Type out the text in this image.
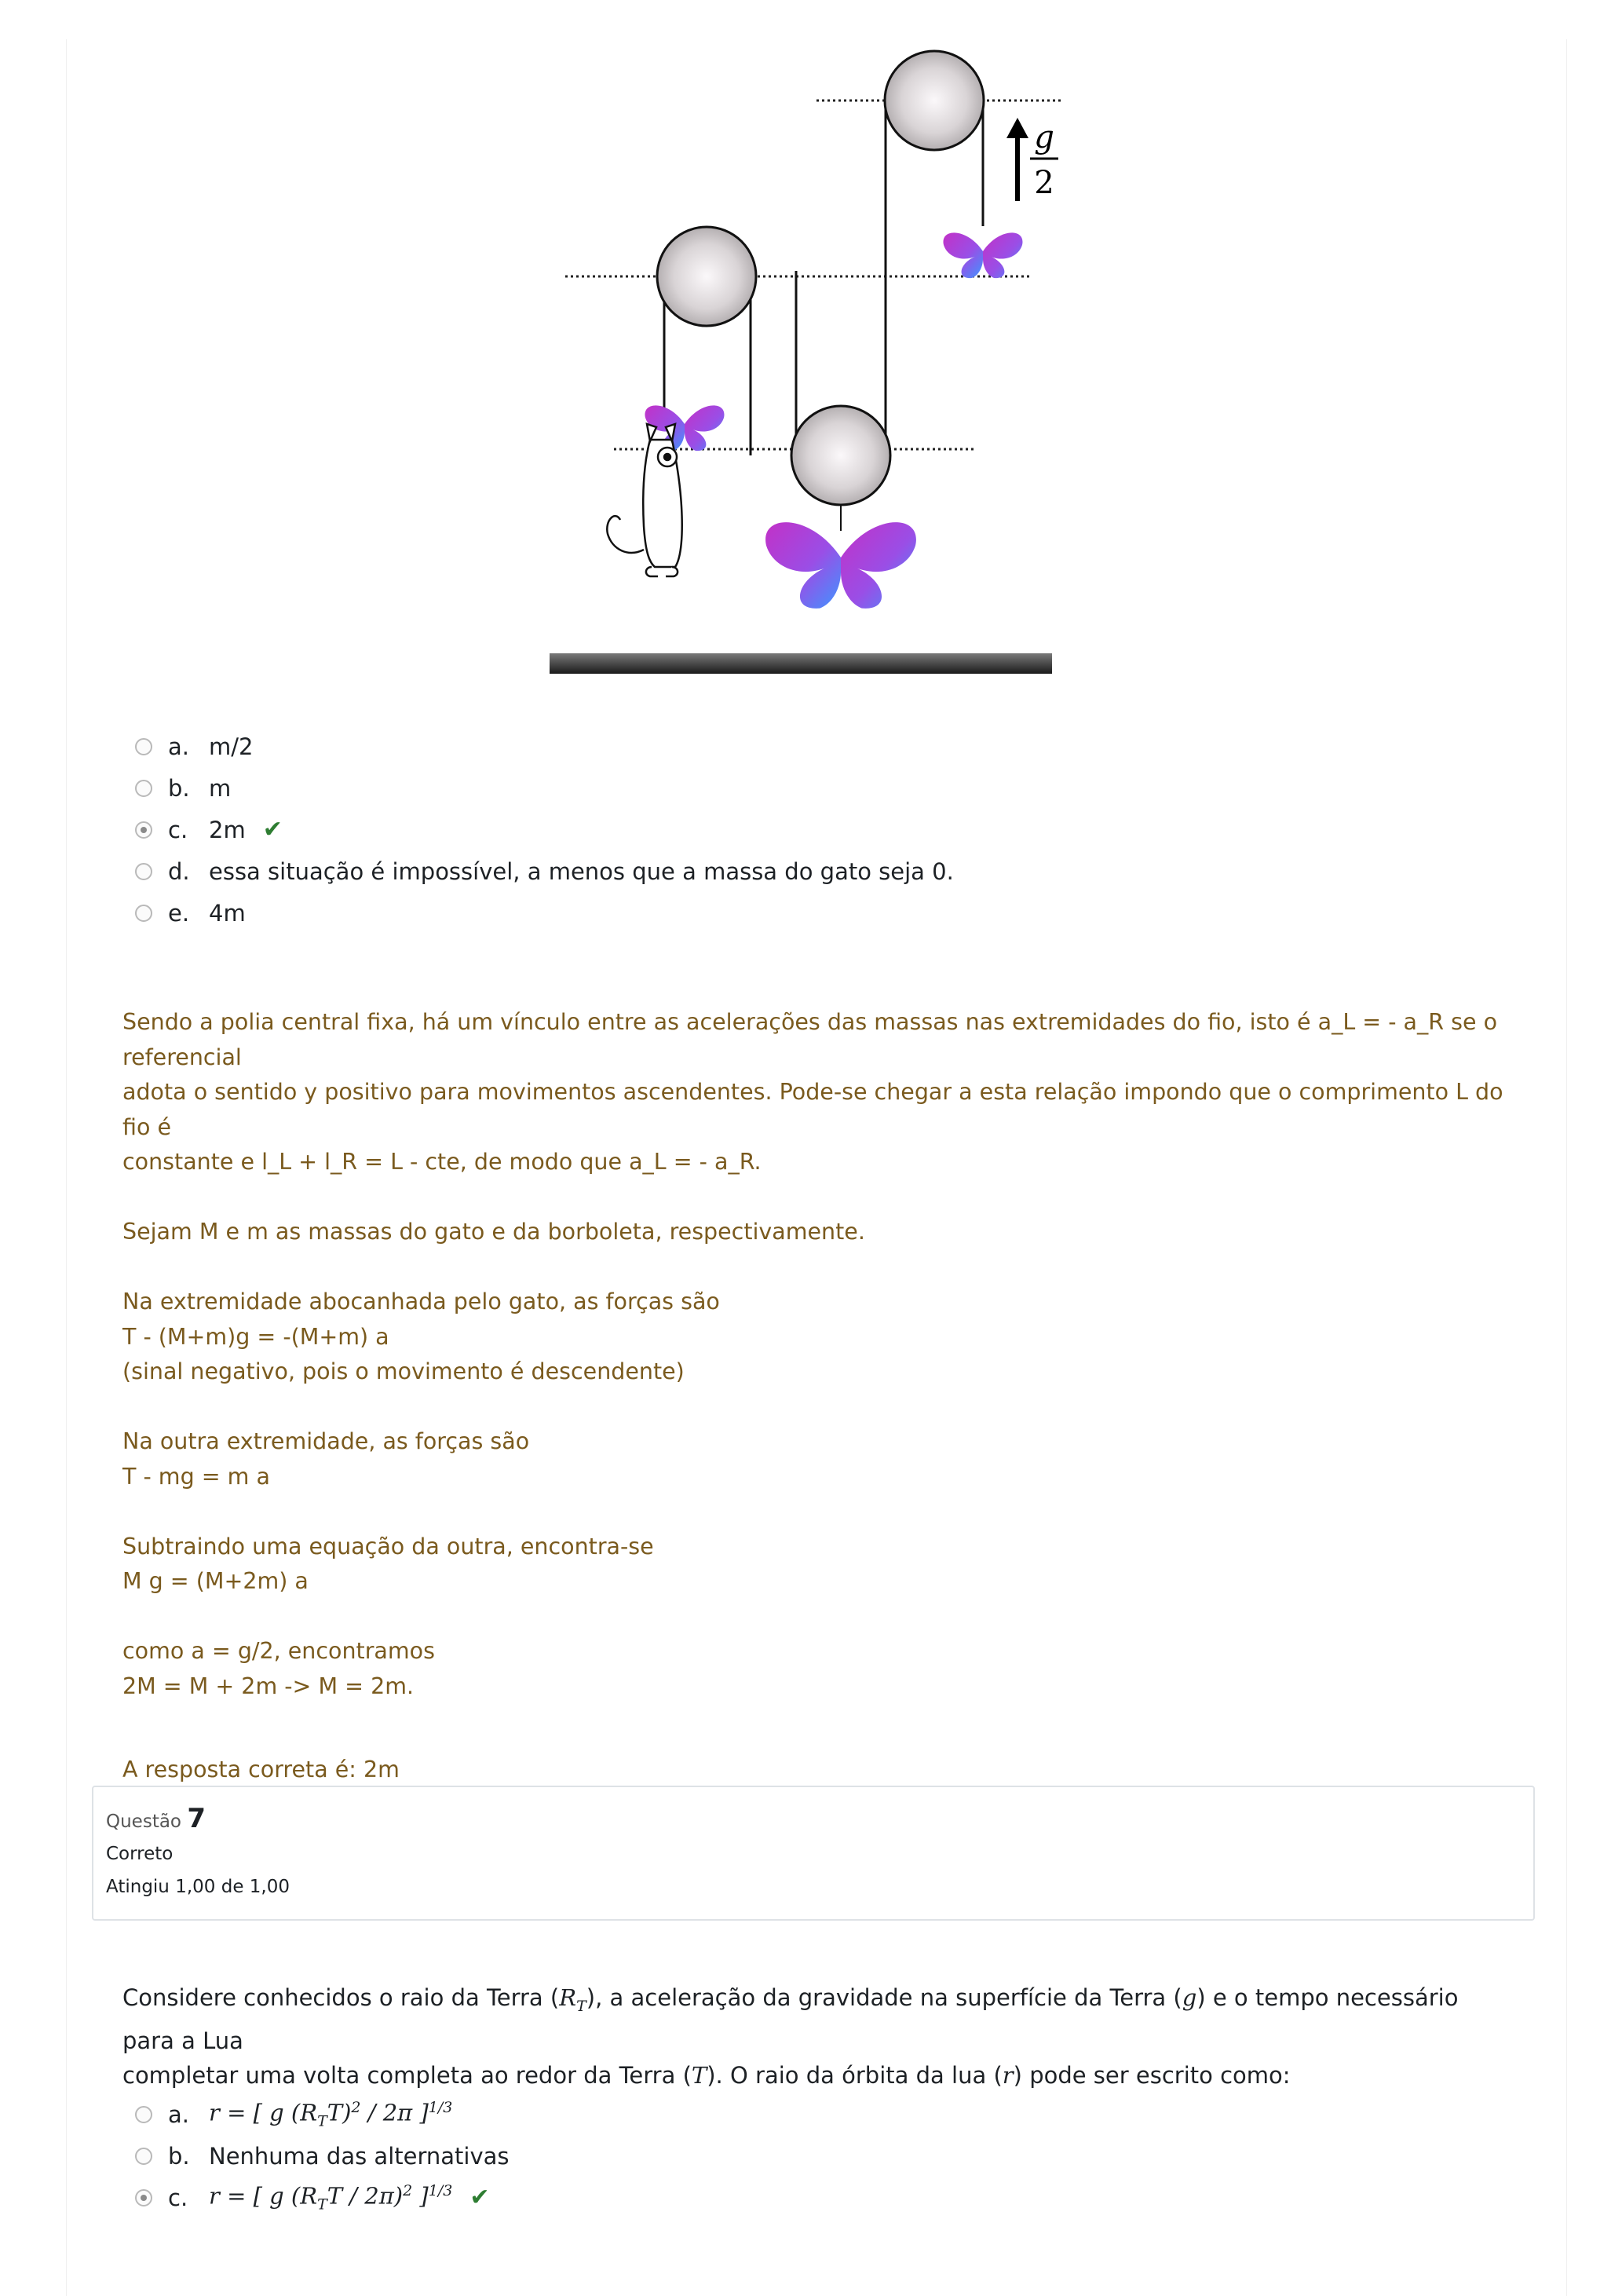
g
2
a. m/2
b. m
c. 2m ✔
d. essa situação é impossível, a menos que a massa do gato seja 0.
e. 4m

Sendo a polia central fixa, há um vínculo entre as acelerações das massas nas extremidades do fio, isto é a_L = - a_R se o referencial

adota o sentido y positivo para movimentos ascendentes. Pode-se chegar a esta relação impondo que o comprimento L do fio é

constante e l_L + l_R = L - cte, de modo que a_L = - a_R.

Sejam M e m as massas do gato e da borboleta, respectivamente.

Na extremidade abocanhada pelo gato, as forças são

T - (M+m)g = -(M+m) a

(sinal negativo, pois o movimento é descendente)

Na outra extremidade, as forças são

T - mg = m a

Subtraindo uma equação da outra, encontra-se

M g = (M+2m) a

como a = g/2, encontramos

2M = M + 2m -> M = 2m.

A resposta correta é: 2m

Questão 7
Correto
Atingiu 1,00 de 1,00
Considere conhecidos o raio da Terra $(R_T)$, a aceleração da gravidade na superfície da Terra (g) e o tempo necessário para a Lua
completar uma volta completa ao redor da Terra (T). O raio da órbita da lua (r) pode ser escrito como:
a. r = [ g $(R_TT)^2 / 2\pi$ ]$^{1/3}$
b. Nenhuma das alternativas
c. r = [ g $(R_TT / 2\pi)^2$ ]$^{1/3}$ ✔
